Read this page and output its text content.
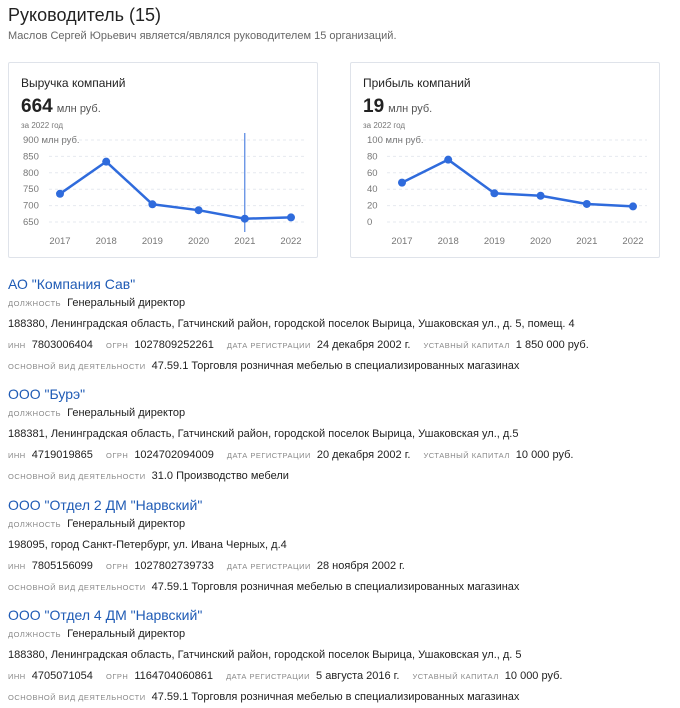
Руководитель (15)
Маслов Сергей Юрьевич является/являлся руководителем 15 организаций.
Выручка компаний
664 млн руб.
за 2022 год
900 млн руб.
850
800
750
700
650
2017	2018	2019	2020	2021	2022
Прибыль компаний
19 млн руб.
за 2022 год
100 млн руб.
80
60
40
20
0
2017	2018	2019	2020	2021	2022
АО "Компания Сав"
ДОЛЖНОСТЬ Генеральный директор
188380, Ленинградская область, Гатчинский район, городской поселок Вырица, Ушаковская ул., д. 5, помещ. 4
ИНН 7803006404 ОГРН 1027809252261 ДАТА РЕГИСТРАЦИИ 24 декабря 2002 г. УСТАВНЫЙ КАПИТАЛ 1 850 000 руб.
ОСНОВНОЙ ВИД ДЕЯТЕЛЬНОСТИ 47.59.1 Торговля розничная мебелью в специализированных магазинах
ООО "Бурэ"
ДОЛЖНОСТЬ Генеральный директор
188381, Ленинградская область, Гатчинский район, городской поселок Вырица, Ушаковская ул., д.5
ИНН 4719019865 ОГРН 1024702094009 ДАТА РЕГИСТРАЦИИ 20 декабря 2002 г. УСТАВНЫЙ КАПИТАЛ 10 000 руб.
ОСНОВНОЙ ВИД ДЕЯТЕЛЬНОСТИ 31.0 Производство мебели
ООО "Отдел 2 ДМ "Нарвский"
ДОЛЖНОСТЬ Генеральный директор
198095, город Санкт-Петербург, ул. Ивана Черных, д.4
ИНН 7805156099 ОГРН 1027802739733 ДАТА РЕГИСТРАЦИИ 28 ноября 2002 г.
ОСНОВНОЙ ВИД ДЕЯТЕЛЬНОСТИ 47.59.1 Торговля розничная мебелью в специализированных магазинах
ООО "Отдел 4 ДМ "Нарвский"
ДОЛЖНОСТЬ Генеральный директор
188380, Ленинградская область, Гатчинский район, городской поселок Вырица, Ушаковская ул., д. 5
ИНН 4705071054 ОГРН 1164704060861 ДАТА РЕГИСТРАЦИИ 5 августа 2016 г. УСТАВНЫЙ КАПИТАЛ 10 000 руб.
ОСНОВНОЙ ВИД ДЕЯТЕЛЬНОСТИ 47.59.1 Торговля розничная мебелью в специализированных магазинах
